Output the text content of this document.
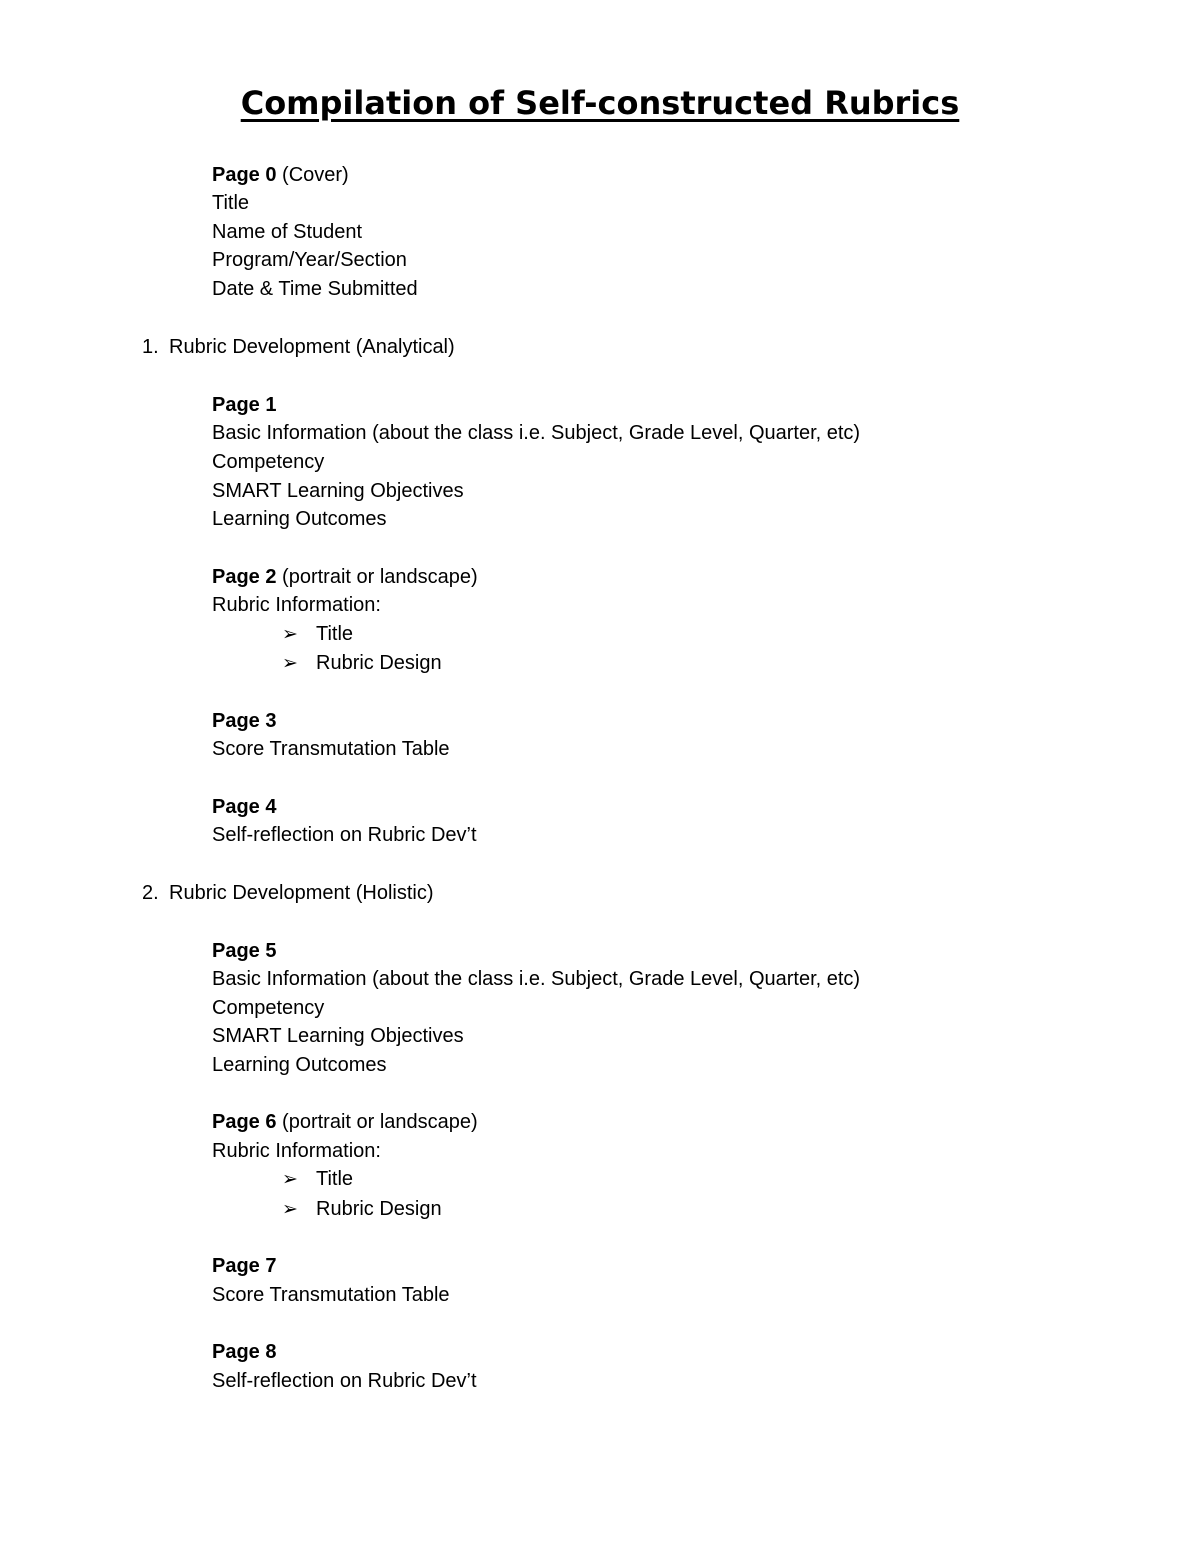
Compilation of Self-constructed Rubrics
Page 0 (Cover)
Title
Name of Student
Program/Year/Section
Date & Time Submitted
1. Rubric Development (Analytical)
Page 1
Basic Information (about the class i.e. Subject, Grade Level, Quarter, etc)
Competency
SMART Learning Objectives
Learning Outcomes
Page 2 (portrait or landscape)
Rubric Information:
➢ Title
➢ Rubric Design
Page 3
Score Transmutation Table
Page 4
Self-reflection on Rubric Dev’t
2. Rubric Development (Holistic)
Page 5
Basic Information (about the class i.e. Subject, Grade Level, Quarter, etc)
Competency
SMART Learning Objectives
Learning Outcomes
Page 6 (portrait or landscape)
Rubric Information:
➢ Title
➢ Rubric Design
Page 7
Score Transmutation Table
Page 8
Self-reflection on Rubric Dev’t
